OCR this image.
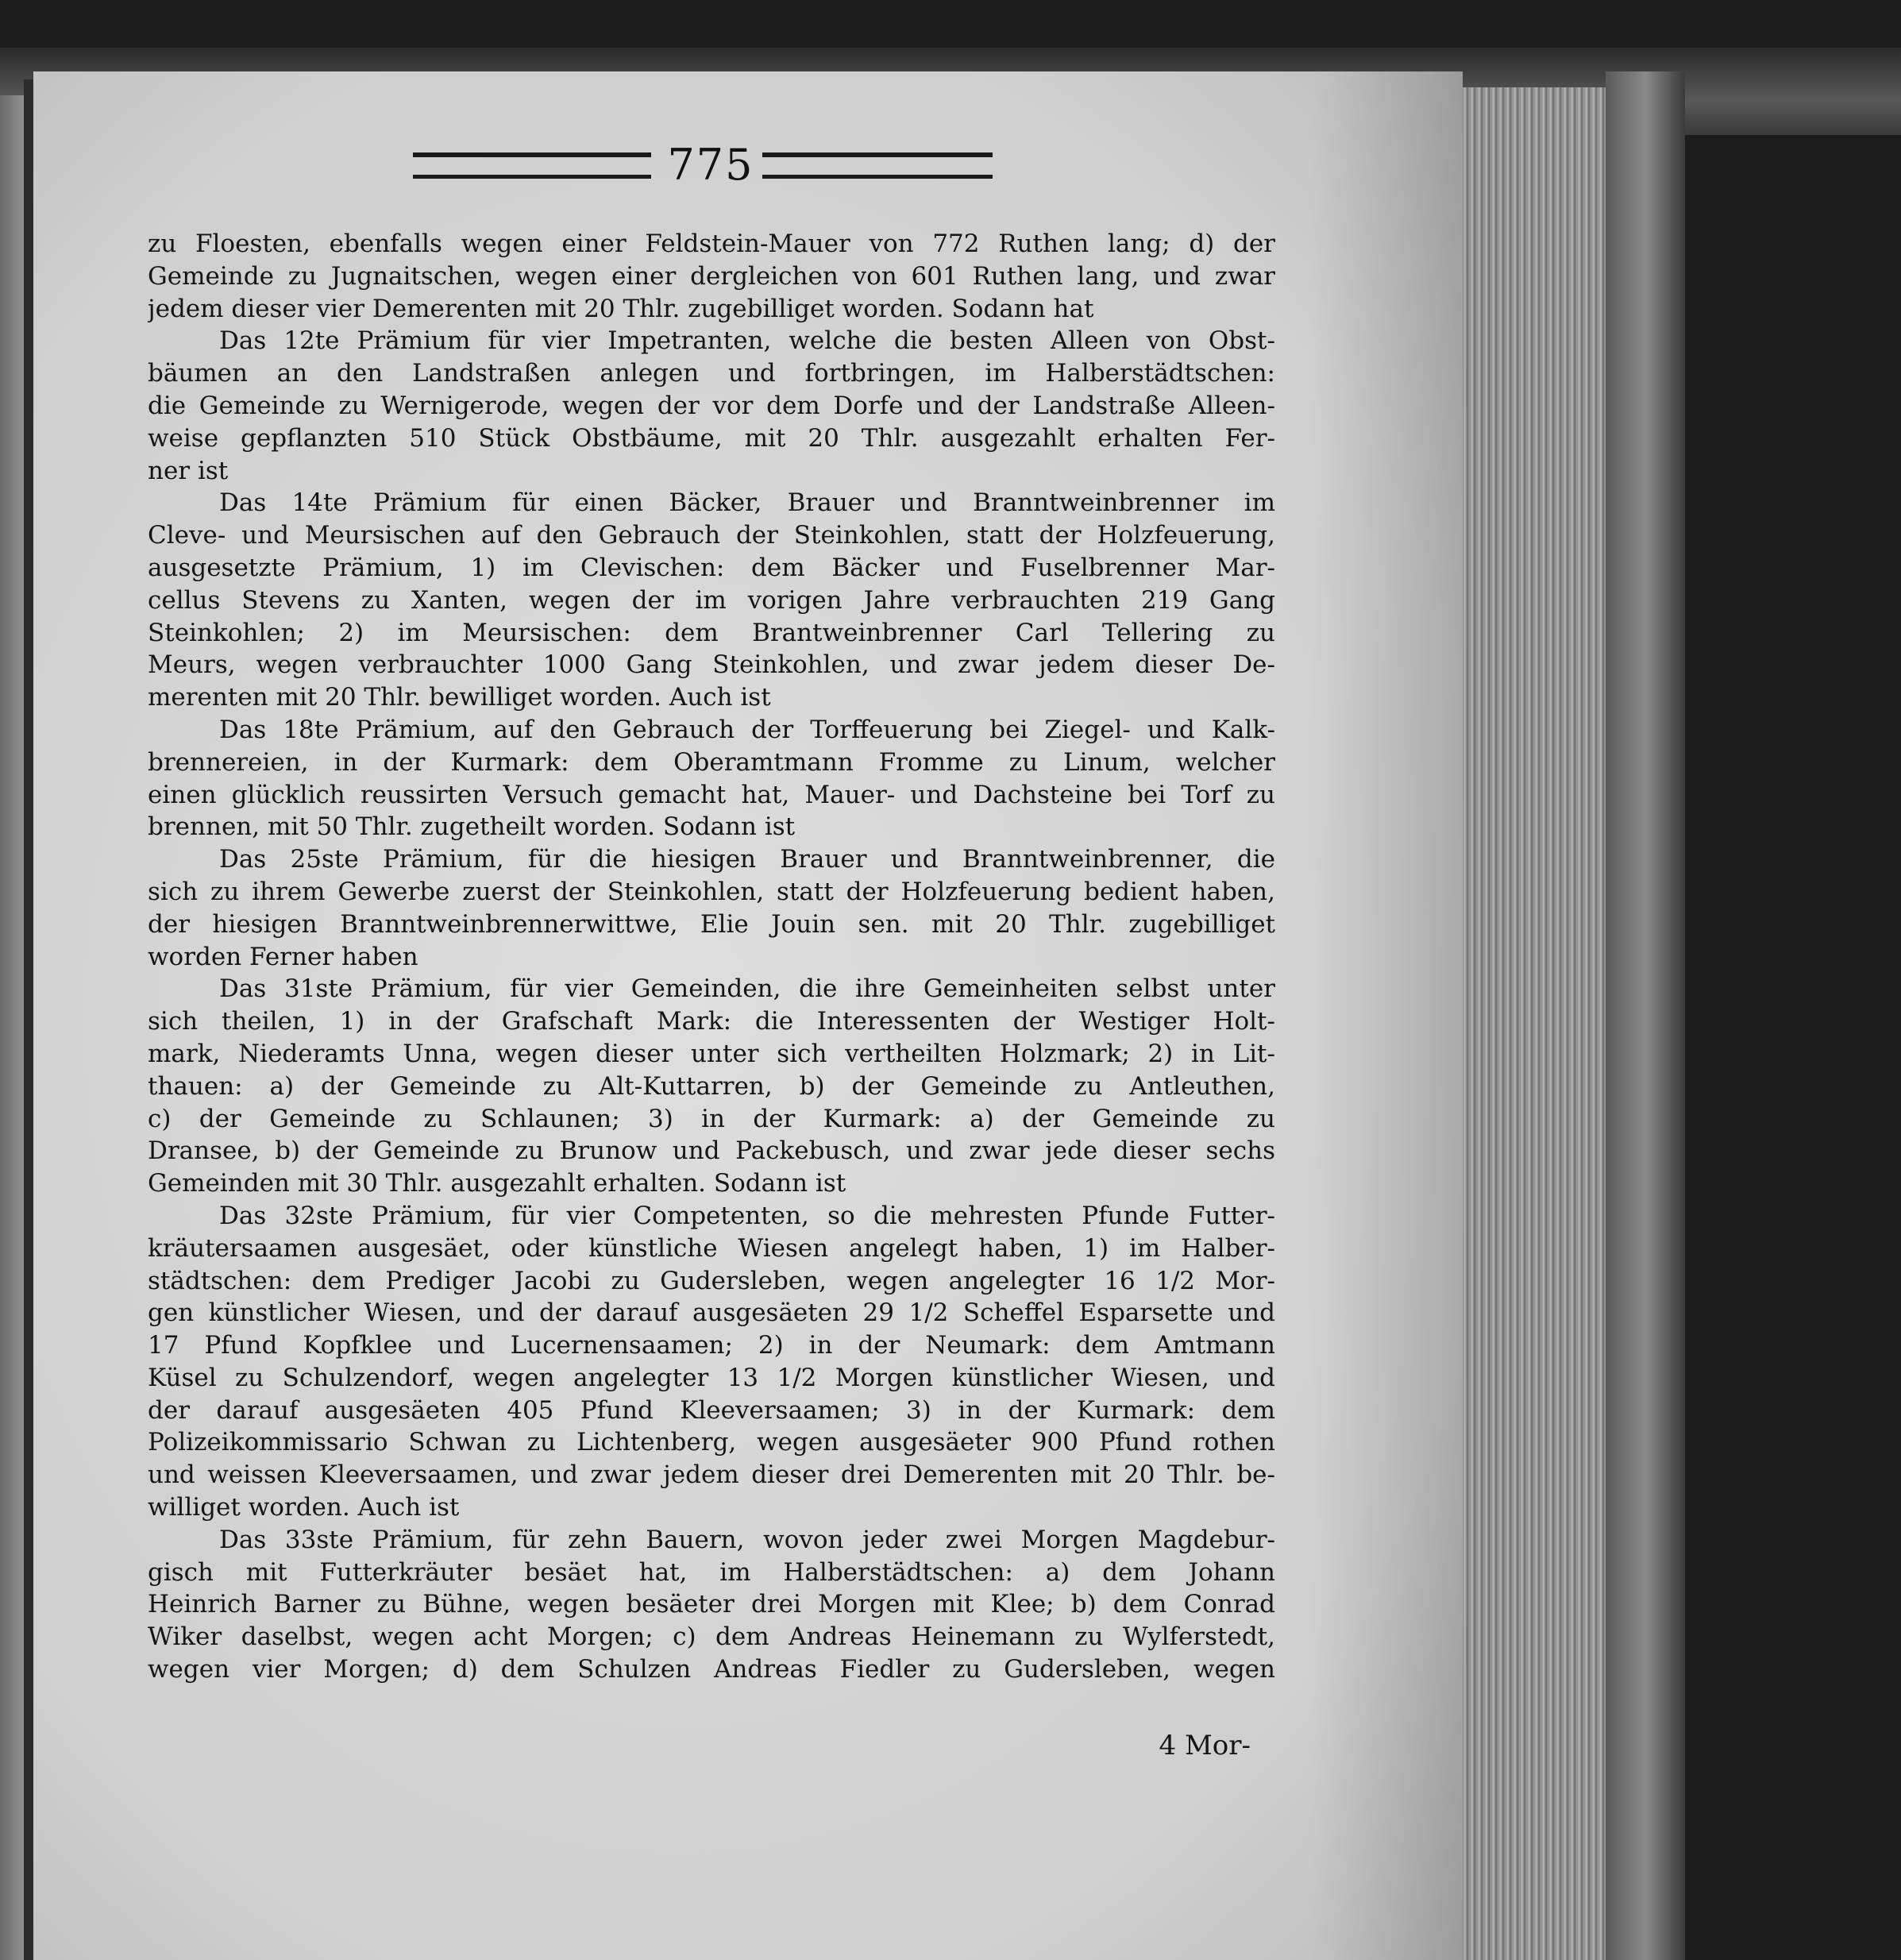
775
zu Floesten, ebenfalls wegen einer Feldstein-Mauer von 772 Ruthen lang; d) der
Gemeinde zu Jugnaitschen, wegen einer dergleichen von 601 Ruthen lang, und zwar
jedem dieser vier Demerenten mit 20 Thlr. zugebilliget worden. Sodann hat
Das 12te Prämium für vier Impetranten, welche die besten Alleen von Obst-
bäumen an den Landstraßen anlegen und fortbringen, im Halberstädtschen:
die Gemeinde zu Wernigerode, wegen der vor dem Dorfe und der Landstraße Alleen-
weise gepflanzten 510 Stück Obstbäume, mit 20 Thlr. ausgezahlt erhalten Fer-
ner ist
Das 14te Prämium für einen Bäcker, Brauer und Branntweinbrenner im
Cleve- und Meursischen auf den Gebrauch der Steinkohlen, statt der Holzfeuerung,
ausgesetzte Prämium, 1) im Clevischen: dem Bäcker und Fuselbrenner Mar-
cellus Stevens zu Xanten, wegen der im vorigen Jahre verbrauchten 219 Gang
Steinkohlen; 2) im Meursischen: dem Brantweinbrenner Carl Tellering zu
Meurs, wegen verbrauchter 1000 Gang Steinkohlen, und zwar jedem dieser De-
merenten mit 20 Thlr. bewilliget worden. Auch ist
Das 18te Prämium, auf den Gebrauch der Torffeuerung bei Ziegel- und Kalk-
brennereien, in der Kurmark: dem Oberamtmann Fromme zu Linum, welcher
einen glücklich reussirten Versuch gemacht hat, Mauer- und Dachsteine bei Torf zu
brennen, mit 50 Thlr. zugetheilt worden. Sodann ist
Das 25ste Prämium, für die hiesigen Brauer und Branntweinbrenner, die
sich zu ihrem Gewerbe zuerst der Steinkohlen, statt der Holzfeuerung bedient haben,
der hiesigen Branntweinbrennerwittwe, Elie Jouin sen. mit 20 Thlr. zugebilliget
worden Ferner haben
Das 31ste Prämium, für vier Gemeinden, die ihre Gemeinheiten selbst unter
sich theilen, 1) in der Grafschaft Mark: die Interessenten der Westiger Holt-
mark, Niederamts Unna, wegen dieser unter sich vertheilten Holzmark; 2) in Lit-
thauen: a) der Gemeinde zu Alt-Kuttarren, b) der Gemeinde zu Antleuthen,
c) der Gemeinde zu Schlaunen; 3) in der Kurmark: a) der Gemeinde zu
Dransee, b) der Gemeinde zu Brunow und Packebusch, und zwar jede dieser sechs
Gemeinden mit 30 Thlr. ausgezahlt erhalten. Sodann ist
Das 32ste Prämium, für vier Competenten, so die mehresten Pfunde Futter-
kräutersaamen ausgesäet, oder künstliche Wiesen angelegt haben, 1) im Halber-
städtschen: dem Prediger Jacobi zu Gudersleben, wegen angelegter 16 1/2 Mor-
gen künstlicher Wiesen, und der darauf ausgesäeten 29 1/2 Scheffel Esparsette und
17 Pfund Kopfklee und Lucernensaamen; 2) in der Neumark: dem Amtmann
Küsel zu Schulzendorf, wegen angelegter 13 1/2 Morgen künstlicher Wiesen, und
der darauf ausgesäeten 405 Pfund Kleeversaamen; 3) in der Kurmark: dem
Polizeikommissario Schwan zu Lichtenberg, wegen ausgesäeter 900 Pfund rothen
und weissen Kleeversaamen, und zwar jedem dieser drei Demerenten mit 20 Thlr. be-
williget worden. Auch ist
Das 33ste Prämium, für zehn Bauern, wovon jeder zwei Morgen Magdebur-
gisch mit Futterkräuter besäet hat, im Halberstädtschen: a) dem Johann
Heinrich Barner zu Bühne, wegen besäeter drei Morgen mit Klee; b) dem Conrad
Wiker daselbst, wegen acht Morgen; c) dem Andreas Heinemann zu Wylferstedt,
wegen vier Morgen; d) dem Schulzen Andreas Fiedler zu Gudersleben, wegen
4 Mor-
